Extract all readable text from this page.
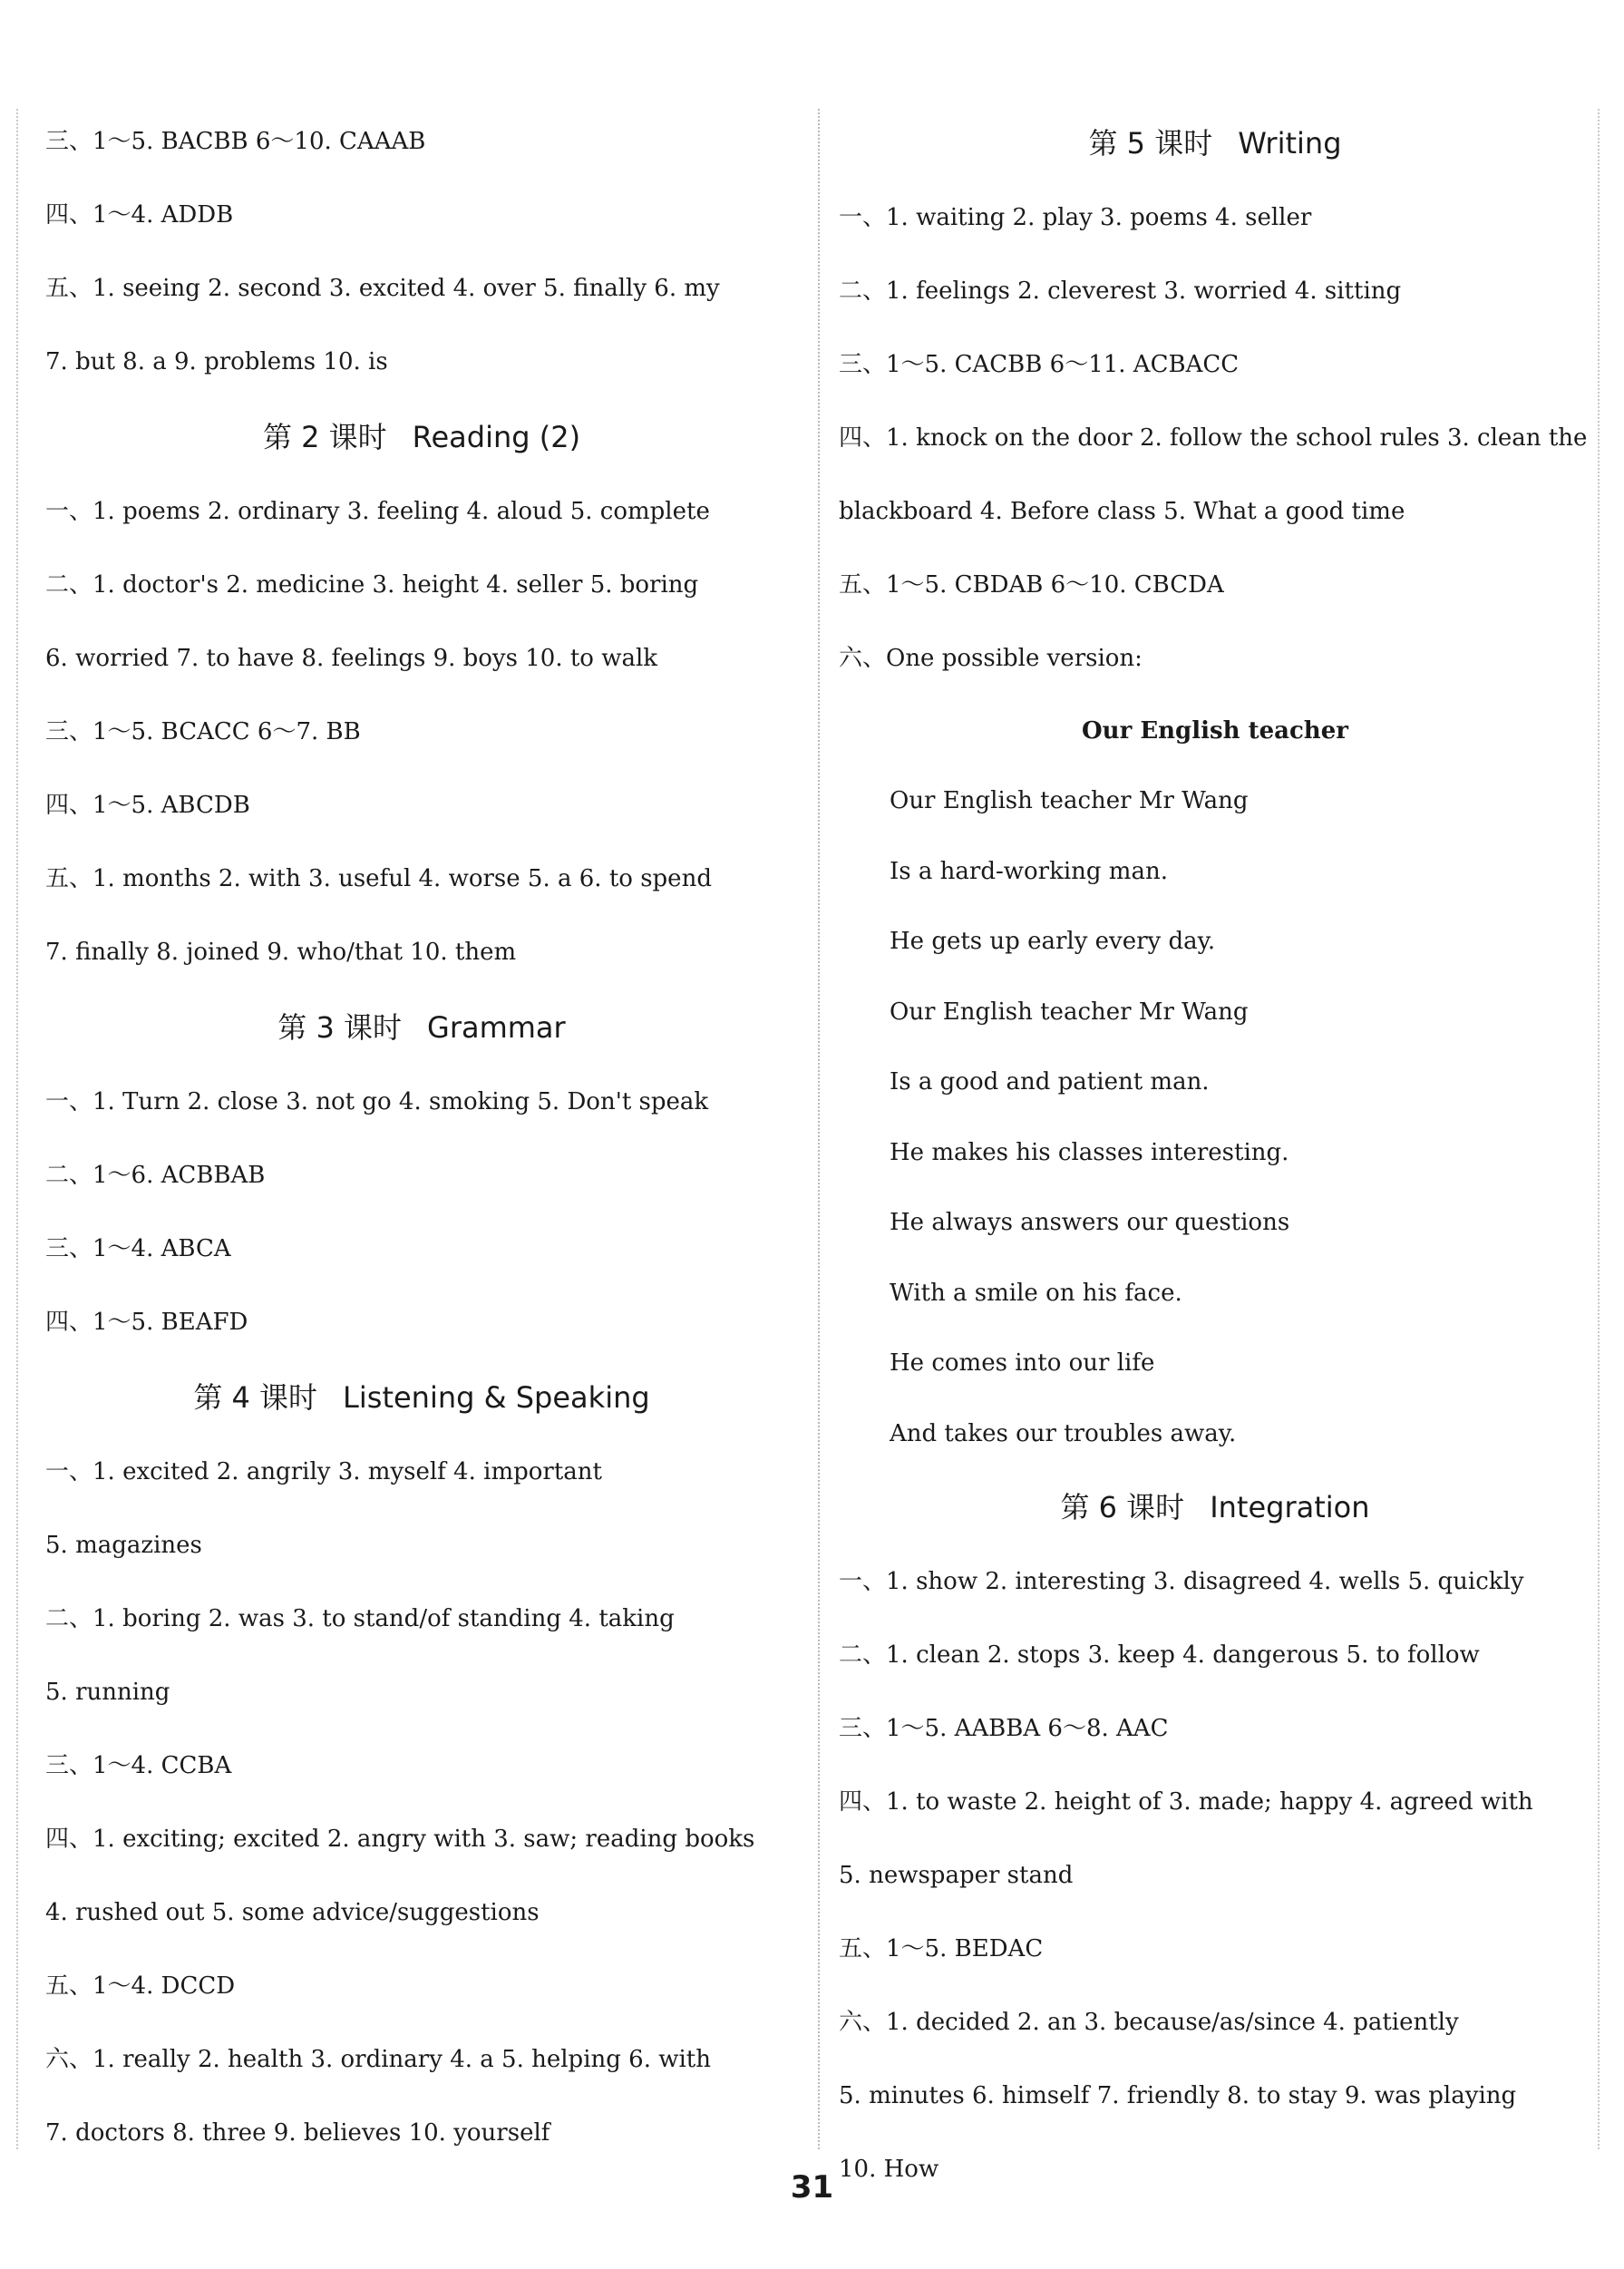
三、1～5. BACBB 6～10. CAAAB
四、1～4. ADDB
五、1. seeing 2. second 3. excited 4. over 5. finally 6. my
7. but 8. a 9. problems 10. is
第 2 课时 Reading (2)
一、1. poems 2. ordinary 3. feeling 4. aloud 5. complete
二、1. doctor's 2. medicine 3. height 4. seller 5. boring
6. worried 7. to have 8. feelings 9. boys 10. to walk
三、1～5. BCACC 6～7. BB
四、1～5. ABCDB
五、1. months 2. with 3. useful 4. worse 5. a 6. to spend
7. finally 8. joined 9. who/that 10. them
第 3 课时 Grammar
一、1. Turn 2. close 3. not go 4. smoking 5. Don't speak
二、1～6. ACBBAB
三、1～4. ABCA
四、1～5. BEAFD
第 4 课时 Listening & Speaking
一、1. excited 2. angrily 3. myself 4. important
5. magazines
二、1. boring 2. was 3. to stand/of standing 4. taking
5. running
三、1～4. CCBA
四、1. exciting; excited 2. angry with 3. saw; reading books
4. rushed out 5. some advice/suggestions
五、1～4. DCCD
六、1. really 2. health 3. ordinary 4. a 5. helping 6. with
7. doctors 8. three 9. believes 10. yourself
第 5 课时 Writing
一、1. waiting 2. play 3. poems 4. seller
二、1. feelings 2. cleverest 3. worried 4. sitting
三、1～5. CACBB 6～11. ACBACC
四、1. knock on the door 2. follow the school rules 3. clean the
blackboard 4. Before class 5. What a good time
五、1～5. CBDAB 6～10. CBCDA
六、One possible version:
Our English teacher
Our English teacher Mr Wang
Is a hard-working man.
He gets up early every day.
Our English teacher Mr Wang
Is a good and patient man.
He makes his classes interesting.
He always answers our questions
With a smile on his face.
He comes into our life
And takes our troubles away.
第 6 课时 Integration
一、1. show 2. interesting 3. disagreed 4. wells 5. quickly
二、1. clean 2. stops 3. keep 4. dangerous 5. to follow
三、1～5. AABBA 6～8. AAC
四、1. to waste 2. height of 3. made; happy 4. agreed with
5. newspaper stand
五、1～5. BEDAC
六、1. decided 2. an 3. because/as/since 4. patiently
5. minutes 6. himself 7. friendly 8. to stay 9. was playing
10. How
31
